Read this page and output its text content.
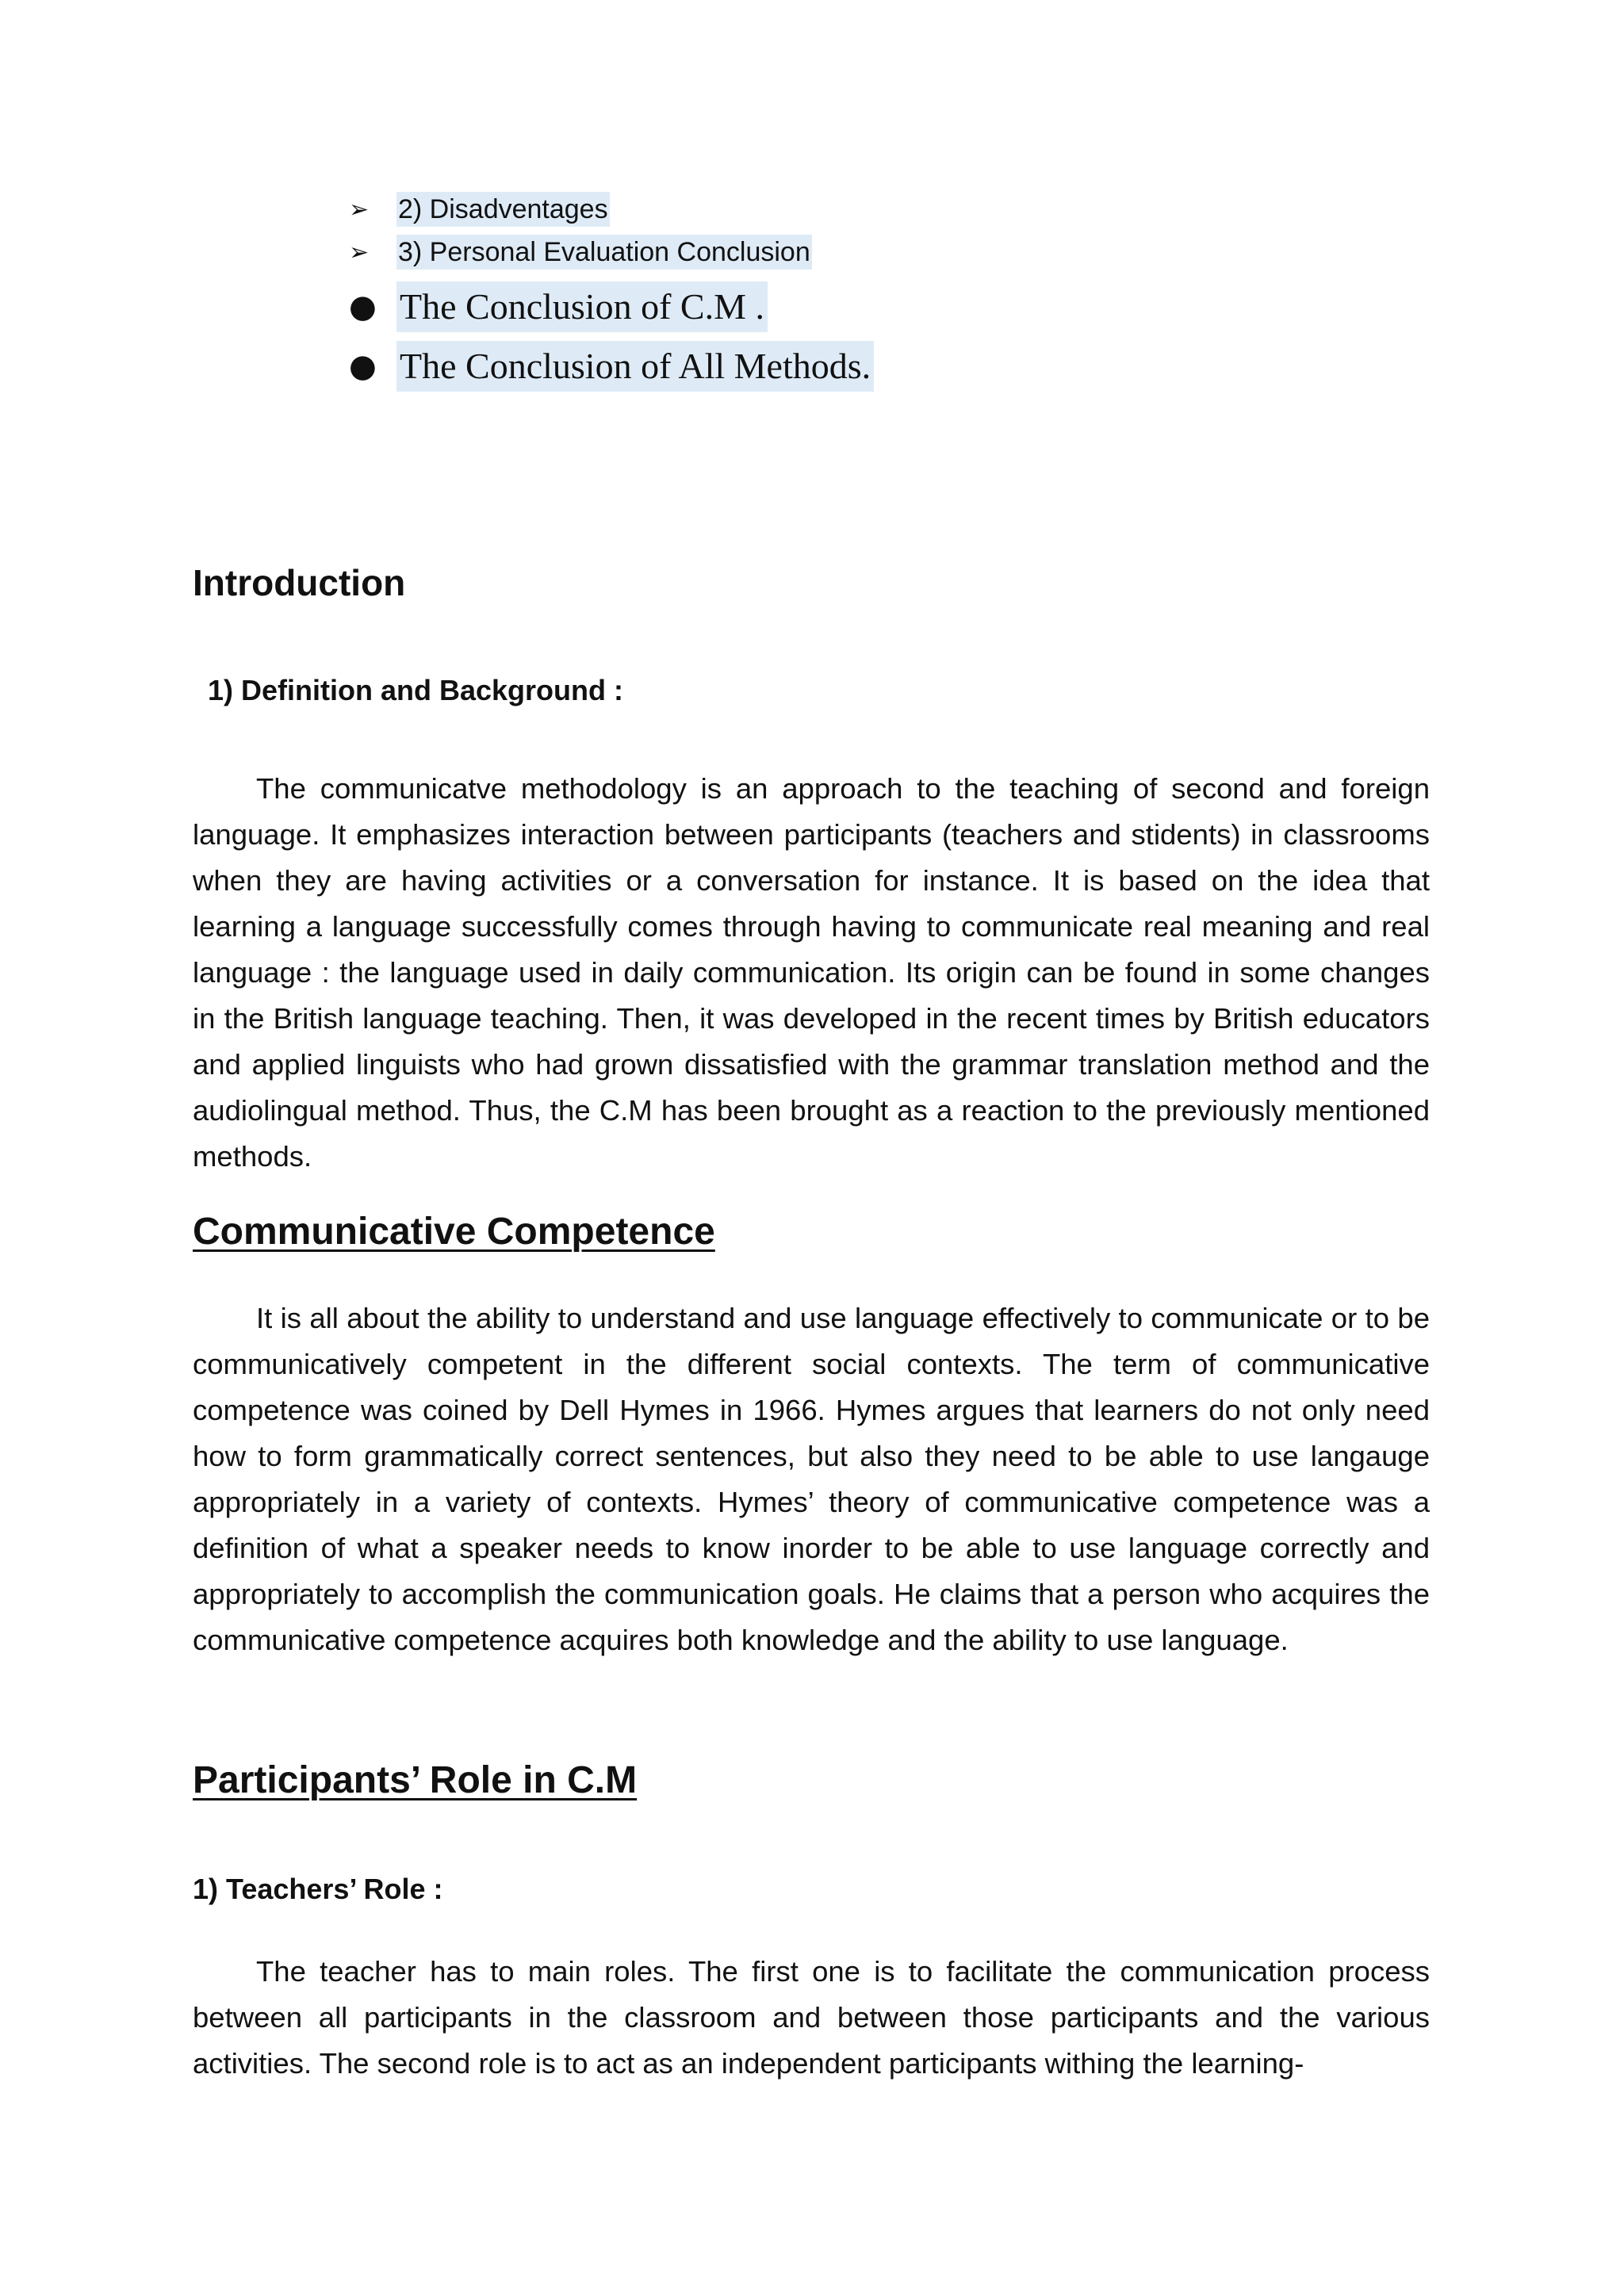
➢	2) Disadventages
➢	3) Personal Evaluation Conclusion
● The Conclusion of C.M .
● The Conclusion of All Methods.
Introduction
1) Definition and Background :

The communicatve methodology is an approach to the teaching of second and foreign language. It emphasizes interaction between participants (teachers and stidents) in classrooms when they are having activities or a conversation for instance. It is based on the idea that learning a language successfully comes through having to communicate real meaning and real language : the language used in daily communication. Its origin can be found in some changes in the British language teaching. Then, it was developed in the recent times by British educators and applied linguists who had grown dissatisfied with the grammar translation method and the audiolingual method. Thus, the C.M has been brought as a reaction to the previously mentioned methods.

Communicative Competence

It is all about the ability to understand and use language effectively to communicate or to be communicatively competent in the different social contexts. The term of communicative competence was coined by Dell Hymes in 1966. Hymes argues that learners do not only need how to form grammatically correct sentences, but also they need to be able to use langauge appropriately in a variety of contexts. Hymes’ theory of communicative competence was a definition of what a speaker needs to know inorder to be able to use language correctly and appropriately to accomplish the communication goals. He claims that a person who acquires the communicative competence acquires both knowledge and the ability to use language.

Participants’ Role in C.M
1) Teachers’ Role :

The teacher has to main roles. The first one is to facilitate the communication process between all participants in the classroom and between those participants and the various activities. The second role is to act as an independent participants withing the learning-
